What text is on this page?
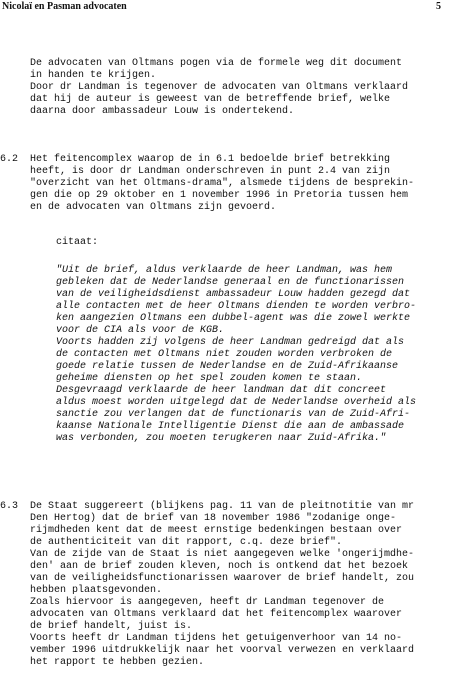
Nicolaï en Pasman advocaten	5

De advocaten van Oltmans pogen via de formele weg dit document

in handen te krijgen.

Door dr Landman is tegenover de advocaten van Oltmans verklaard

dat hij de auteur is geweest van de betreffende brief, welke

daarna door ambassadeur Louw is ondertekend.

6.2 Het feitencomplex waarop de in 6.1 bedoelde brief betrekking

heeft, is door dr Landman onderschreven in punt 2.4 van zijn

"overzicht van het Oltmans-drama", alsmede tijdens de besprekin-

gen die op 29 oktober en 1 november 1996 in Pretoria tussen hem

en de advocaten van Oltmans zijn gevoerd.

citaat:

"Uit de brief, aldus verklaarde de heer Landman, was hem

gebleken dat de Nederlandse generaal en de functionarissen

van de veiligheidsdienst ambassadeur Louw hadden gezegd dat

alle contacten met de heer Oltmans dienden te worden verbro-

ken aangezien Oltmans een dubbel-agent was die zowel werkte

voor de CIA als voor de KGB.

Voorts hadden zij volgens de heer Landman gedreigd dat als

de contacten met Oltmans niet zouden worden verbroken de

goede relatie tussen de Nederlandse en de Zuid-Afrikaanse

geheime diensten op het spel zouden komen te staan.

Desgevraagd verklaarde de heer landman dat dit concreet

aldus moest worden uitgelegd dat de Nederlandse overheid als

sanctie zou verlangen dat de functionaris van de Zuid-Afri-

kaanse Nationale Intelligentie Dienst die aan de ambassade

was verbonden, zou moeten terugkeren naar Zuid-Afrika."

6.3 De Staat suggereert (blijkens pag. 11 van de pleitnotitie van mr

Den Hertog) dat de brief van 18 november 1986 "zodanige onge-

rijmdheden kent dat de meest ernstige bedenkingen bestaan over

de authenticiteit van dit rapport, c.q. deze brief".

Van de zijde van de Staat is niet aangegeven welke 'ongerijmdhe-

den' aan de brief zouden kleven, noch is ontkend dat het bezoek

van de veiligheidsfunctionarissen waarover de brief handelt, zou

hebben plaatsgevonden.

Zoals hiervoor is aangegeven, heeft dr Landman tegenover de

advocaten van Oltmans verklaard dat het feitencomplex waarover

de brief handelt, juist is.

Voorts heeft dr Landman tijdens het getuigenverhoor van 14 no-

vember 1996 uitdrukkelijk naar het voorval verwezen en verklaard

het rapport te hebben gezien.
